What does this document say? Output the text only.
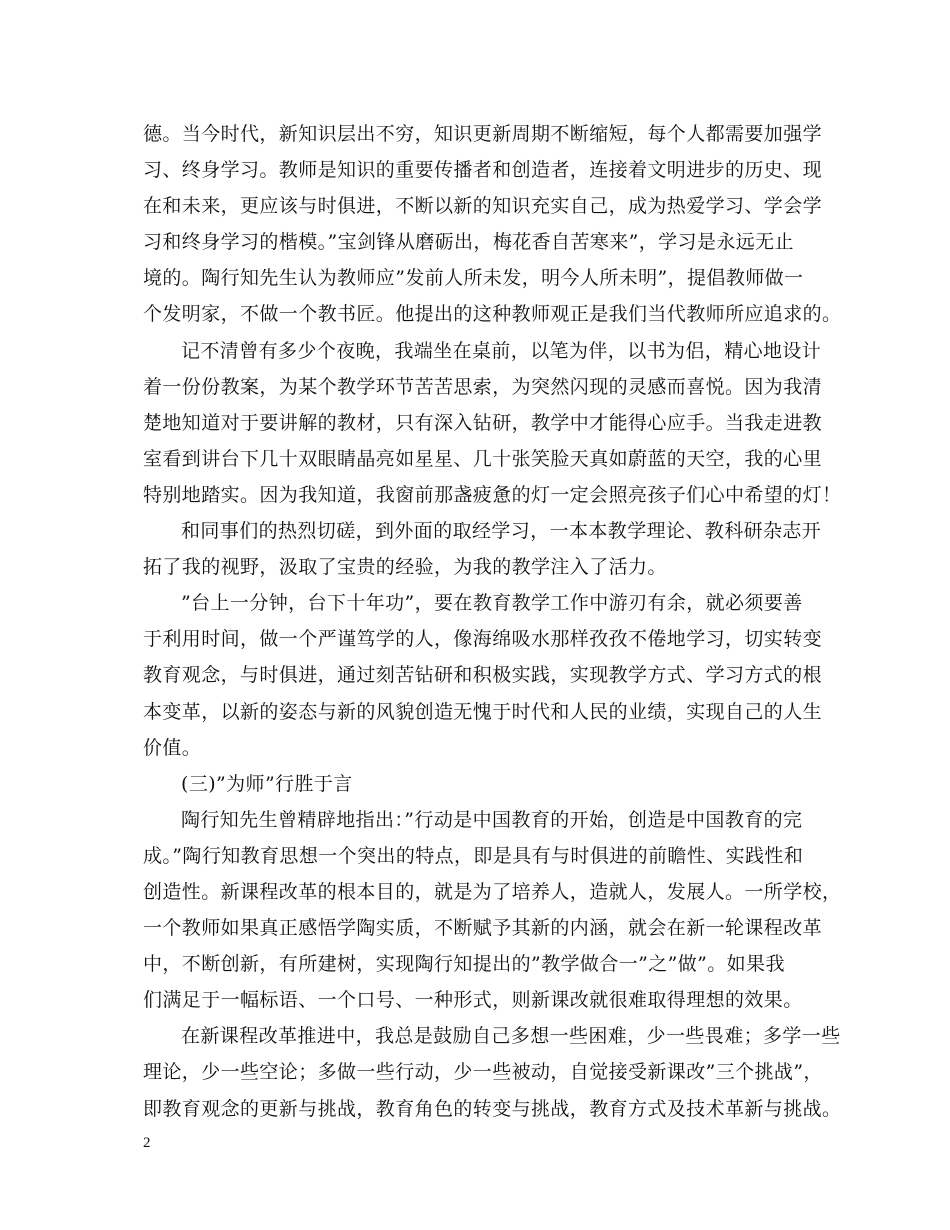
德。当今时代，新知识层出不穷，知识更新周期不断缩短，每个人都需要加强学
习、终身学习。教师是知识的重要传播者和创造者，连接着文明进步的历史、现
在和未来，更应该与时俱进，不断以新的知识充实自己，成为热爱学习、学会学
习和终身学习的楷模。”宝剑锋从磨砺出，梅花香自苦寒来”，学习是永远无止
境的。陶行知先生认为教师应”发前人所未发，明今人所未明”，提倡教师做一
个发明家，不做一个教书匠。他提出的这种教师观正是我们当代教师所应追求的。
记不清曾有多少个夜晚，我端坐在桌前，以笔为伴，以书为侣，精心地设计
着一份份教案，为某个教学环节苦苦思索，为突然闪现的灵感而喜悦。因为我清
楚地知道对于要讲解的教材，只有深入钻研，教学中才能得心应手。当我走进教
室看到讲台下几十双眼睛晶亮如星星、几十张笑脸天真如蔚蓝的天空，我的心里
特别地踏实。因为我知道，我窗前那盏疲惫的灯一定会照亮孩子们心中希望的灯！
和同事们的热烈切磋，到外面的取经学习，一本本教学理论、教科研杂志开
拓了我的视野，汲取了宝贵的经验，为我的教学注入了活力。
”台上一分钟，台下十年功”，要在教育教学工作中游刃有余，就必须要善
于利用时间，做一个严谨笃学的人，像海绵吸水那样孜孜不倦地学习，切实转变
教育观念，与时俱进，通过刻苦钻研和积极实践，实现教学方式、学习方式的根
本变革，以新的姿态与新的风貌创造无愧于时代和人民的业绩，实现自己的人生
价值。
(三)”为师”行胜于言
陶行知先生曾精辟地指出：”行动是中国教育的开始，创造是中国教育的完
成。”陶行知教育思想一个突出的特点，即是具有与时俱进的前瞻性、实践性和
创造性。新课程改革的根本目的，就是为了培养人，造就人，发展人。一所学校，
一个教师如果真正感悟学陶实质，不断赋予其新的内涵，就会在新一轮课程改革
中，不断创新，有所建树，实现陶行知提出的”教学做合一”之”做”。如果我
们满足于一幅标语、一个口号、一种形式，则新课改就很难取得理想的效果。
在新课程改革推进中，我总是鼓励自己多想一些困难，少一些畏难；多学一些
理论，少一些空论；多做一些行动，少一些被动，自觉接受新课改”三个挑战”，
即教育观念的更新与挑战，教育角色的转变与挑战，教育方式及技术革新与挑战。
2
